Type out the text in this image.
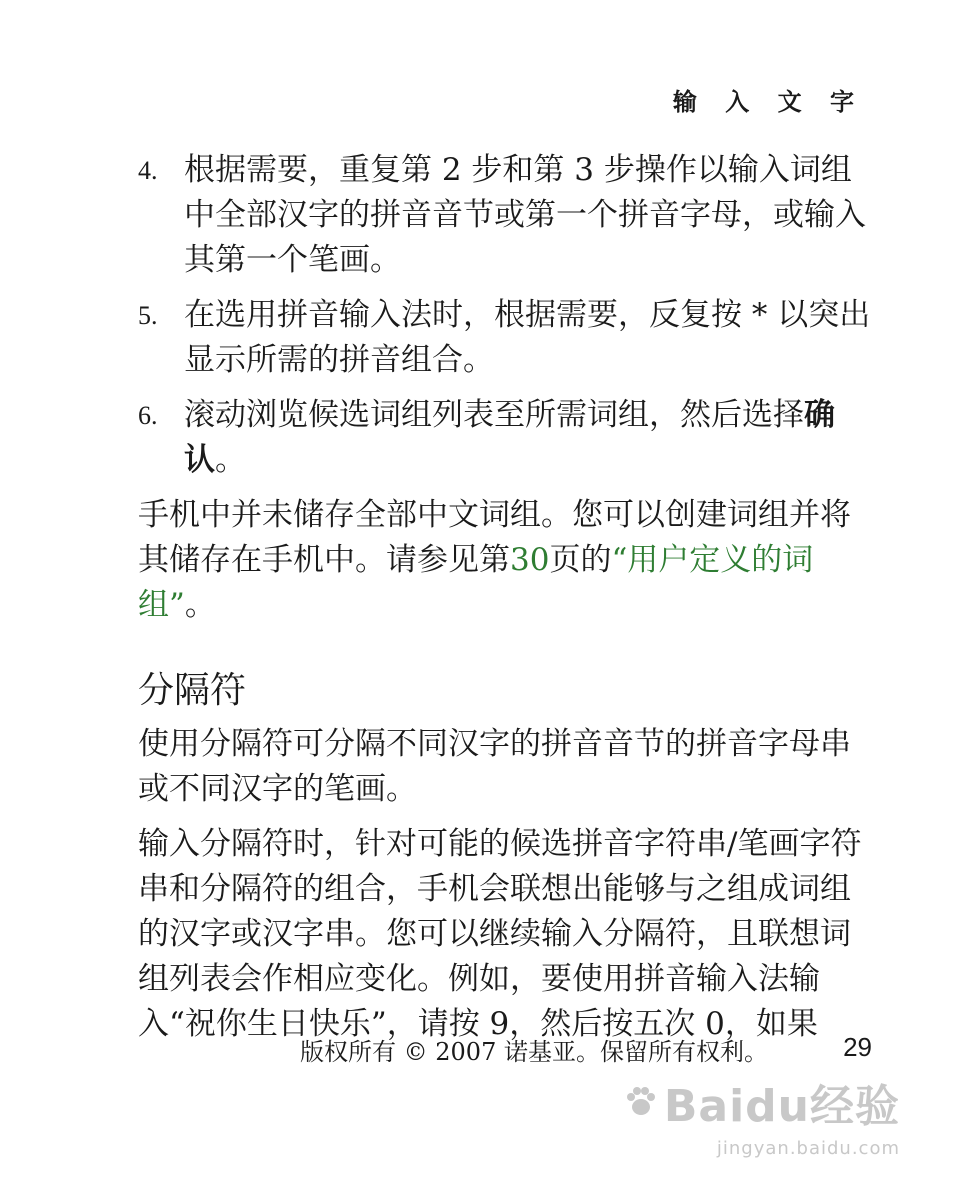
输 入 文 字
4. 根据需要，重复第 2 步和第 3 步操作以输入词组中全部汉字的拼音音节或第一个拼音字母，或输入其第一个笔画。
5. 在选用拼音输入法时，根据需要，反复按 * 以突出显示所需的拼音组合。
6. 滚动浏览候选词组列表至所需词组，然后选择确认。
手机中并未储存全部中文词组。您可以创建词组并将其储存在手机中。请参见第30页的“用户定义的词组”。
分隔符
使用分隔符可分隔不同汉字的拼音音节的拼音字母串或不同汉字的笔画。
输入分隔符时，针对可能的候选拼音字符串/笔画字符串和分隔符的组合，手机会联想出能够与之组成词组的汉字或汉字串。您可以继续输入分隔符，且联想词组列表会作相应变化。例如，要使用拼音输入法输入“祝你生日快乐”，请按 9，然后按五次 0，如果
版权所有 © 2007 诺基亚。保留所有权利。	29
Baidu经验
jingyan.baidu.com
